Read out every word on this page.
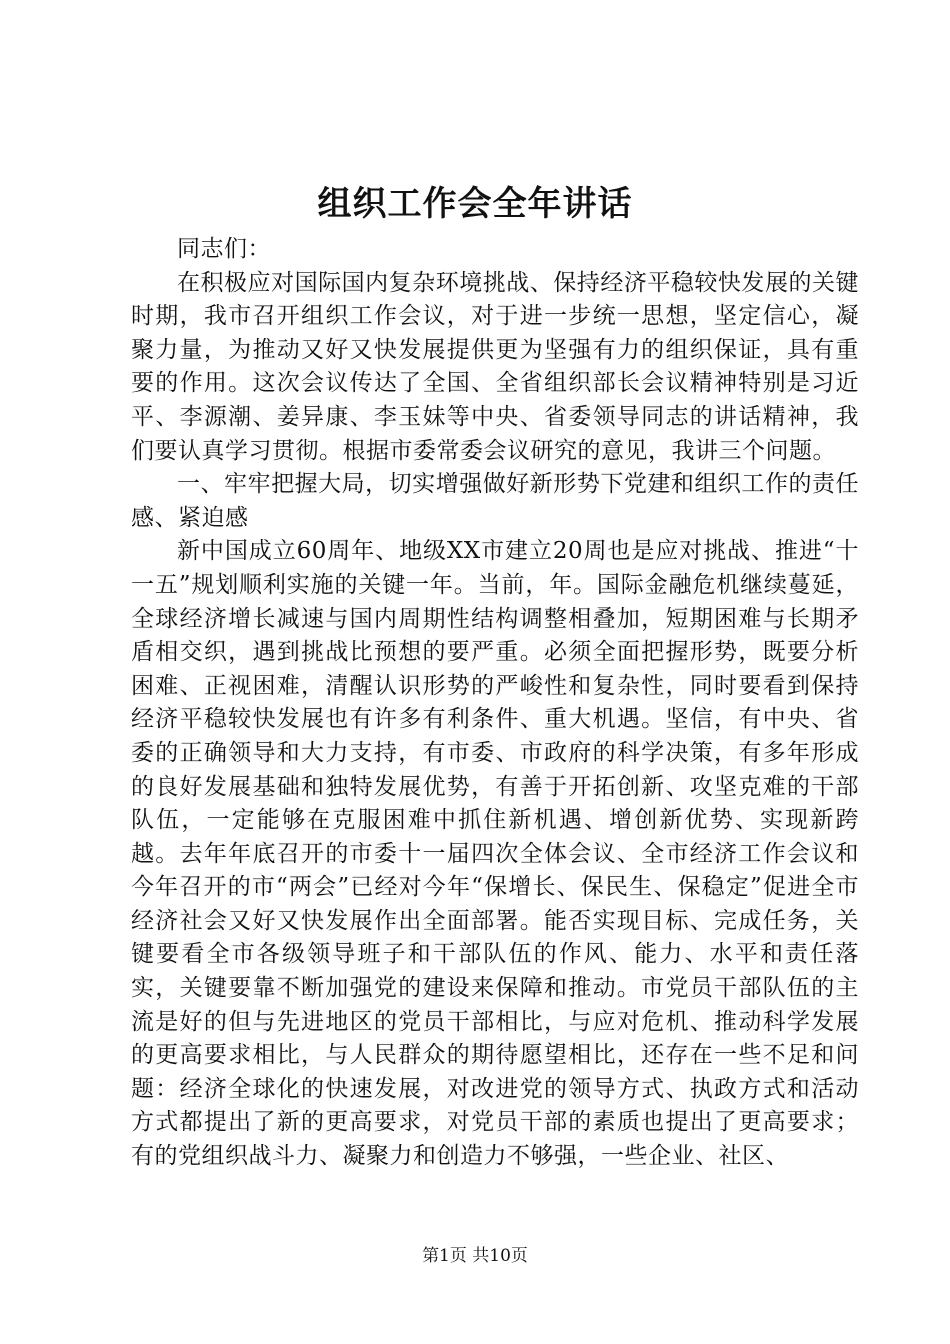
组织工作会全年讲话

同志们：

在积极应对国际国内复杂环境挑战、保持经济平稳较快发展的关键时期，我市召开组织工作会议，对于进一步统一思想，坚定信心，凝聚力量，为推动又好又快发展提供更为坚强有力的组织保证，具有重要的作用。这次会议传达了全国、全省组织部长会议精神特别是习近平、李源潮、姜异康、李玉妹等中央、省委领导同志的讲话精神，我们要认真学习贯彻。根据市委常委会议研究的意见，我讲三个问题。

一、牢牢把握大局，切实增强做好新形势下党建和组织工作的责任感、紧迫感

新中国成立60周年、地级XX市建立20周也是应对挑战、推进“十一五”规划顺利实施的关键一年。当前，年。国际金融危机继续蔓延，全球经济增长减速与国内周期性结构调整相叠加，短期困难与长期矛盾相交织，遇到挑战比预想的要严重。必须全面把握形势，既要分析困难、正视困难，清醒认识形势的严峻性和复杂性，同时要看到保持经济平稳较快发展也有许多有利条件、重大机遇。坚信，有中央、省委的正确领导和大力支持，有市委、市政府的科学决策，有多年形成的良好发展基础和独特发展优势，有善于开拓创新、攻坚克难的干部队伍，一定能够在克服困难中抓住新机遇、增创新优势、实现新跨越。去年年底召开的市委十一届四次全体会议、全市经济工作会议和今年召开的市“两会”已经对今年“保增长、保民生、保稳定”促进全市经济社会又好又快发展作出全面部署。能否实现目标、完成任务，关键要看全市各级领导班子和干部队伍的作风、能力、水平和责任落实，关键要靠不断加强党的建设来保障和推动。市党员干部队伍的主流是好的但与先进地区的党员干部相比，与应对危机、推动科学发展的更高要求相比，与人民群众的期待愿望相比，还存在一些不足和问题：经济全球化的快速发展，对改进党的领导方式、执政方式和活动方式都提出了新的更高要求，对党员干部的素质也提出了更高要求；有的党组织战斗力、凝聚力和创造力不够强，一些企业、社区、

第1页 共10页
